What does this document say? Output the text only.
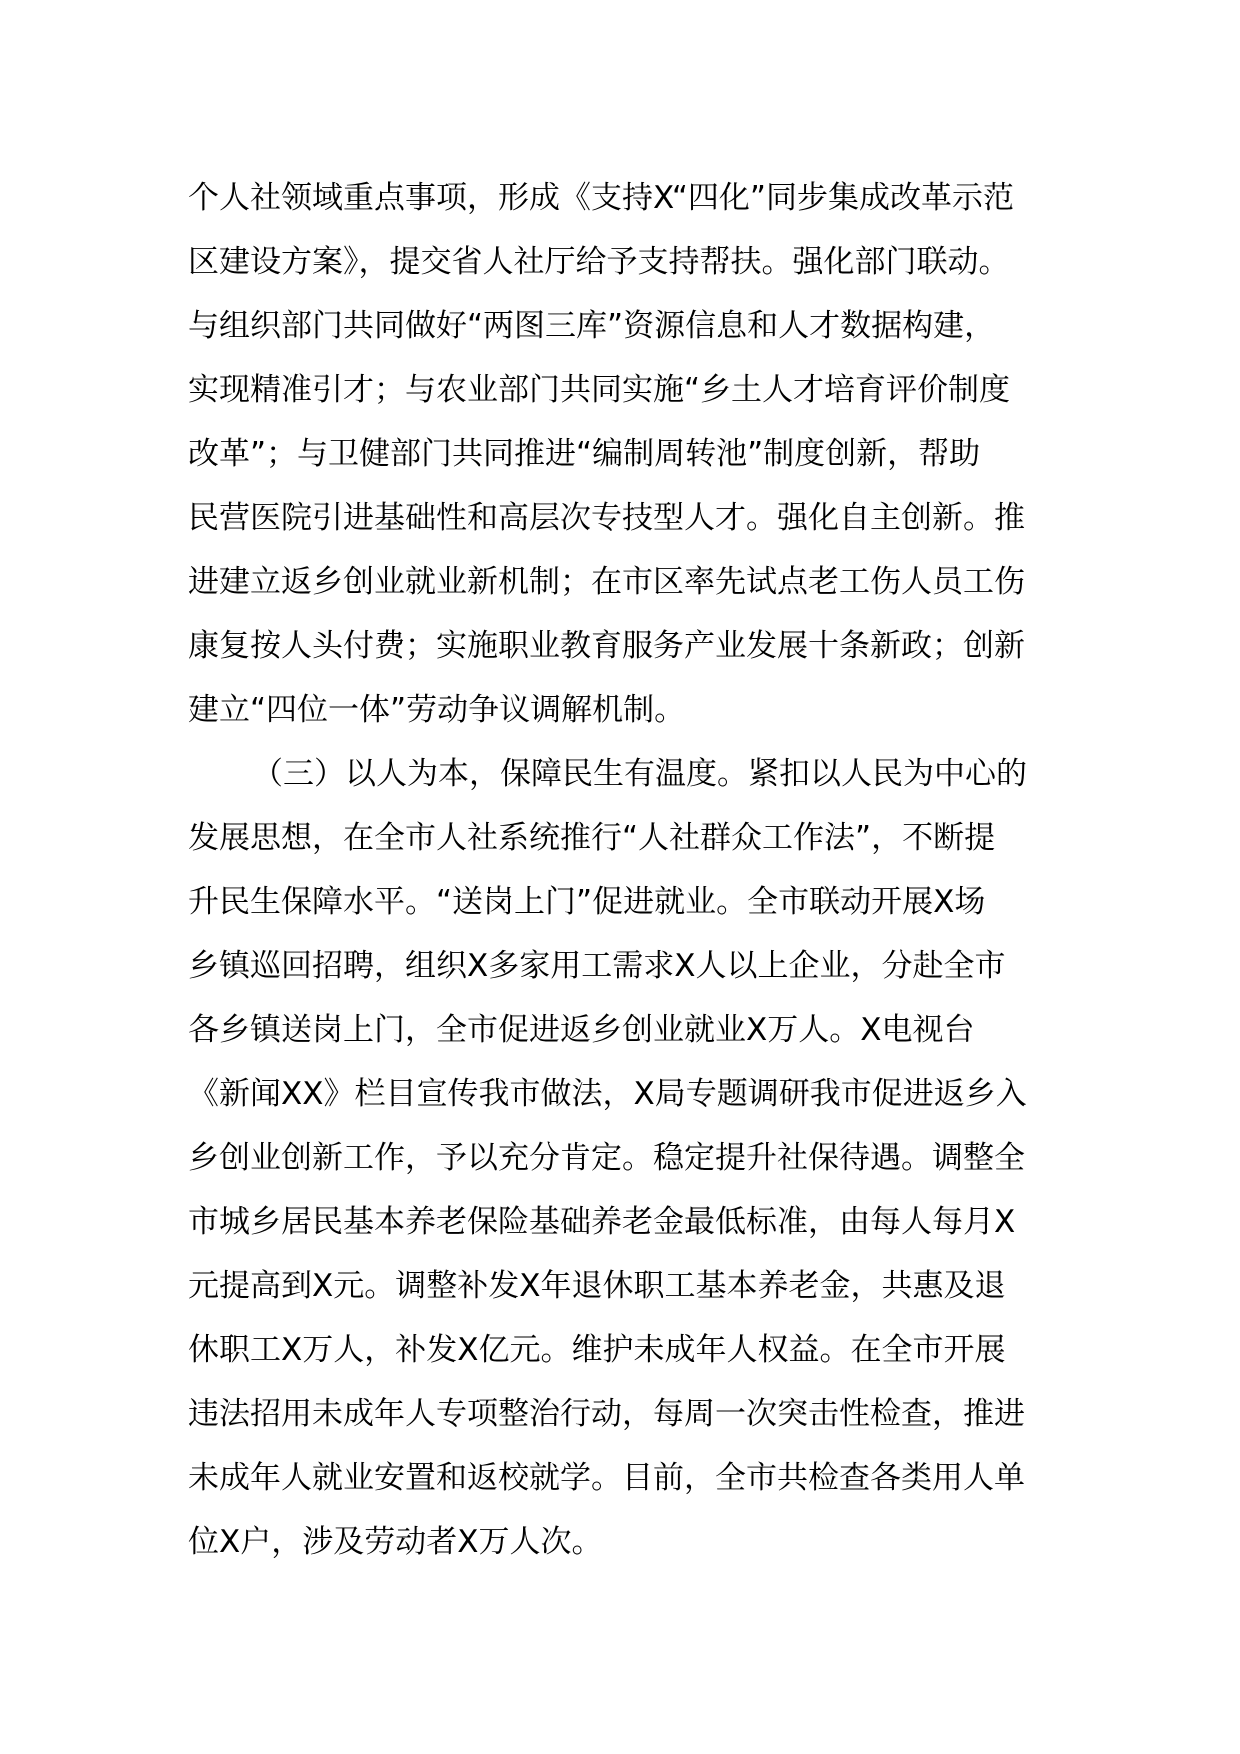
个人社领域重点事项，形成《支持X“四化”同步集成改革示范
区建设方案》，提交省人社厅给予支持帮扶。强化部门联动。
与组织部门共同做好“两图三库”资源信息和人才数据构建，
实现精准引才；与农业部门共同实施“乡土人才培育评价制度
改革”；与卫健部门共同推进“编制周转池”制度创新，帮助
民营医院引进基础性和高层次专技型人才。强化自主创新。推
进建立返乡创业就业新机制；在市区率先试点老工伤人员工伤
康复按人头付费；实施职业教育服务产业发展十条新政；创新
建立“四位一体”劳动争议调解机制。
（三）以人为本，保障民生有温度。紧扣以人民为中心的
发展思想，在全市人社系统推行“人社群众工作法”，不断提
升民生保障水平。“送岗上门”促进就业。全市联动开展X场
乡镇巡回招聘，组织X多家用工需求X人以上企业，分赴全市
各乡镇送岗上门，全市促进返乡创业就业X万人。X电视台
《新闻XX》栏目宣传我市做法，X局专题调研我市促进返乡入
乡创业创新工作，予以充分肯定。稳定提升社保待遇。调整全
市城乡居民基本养老保险基础养老金最低标准，由每人每月X
元提高到X元。调整补发X年退休职工基本养老金，共惠及退
休职工X万人，补发X亿元。维护未成年人权益。在全市开展
违法招用未成年人专项整治行动，每周一次突击性检查，推进
未成年人就业安置和返校就学。目前，全市共检查各类用人单
位X户，涉及劳动者X万人次。
